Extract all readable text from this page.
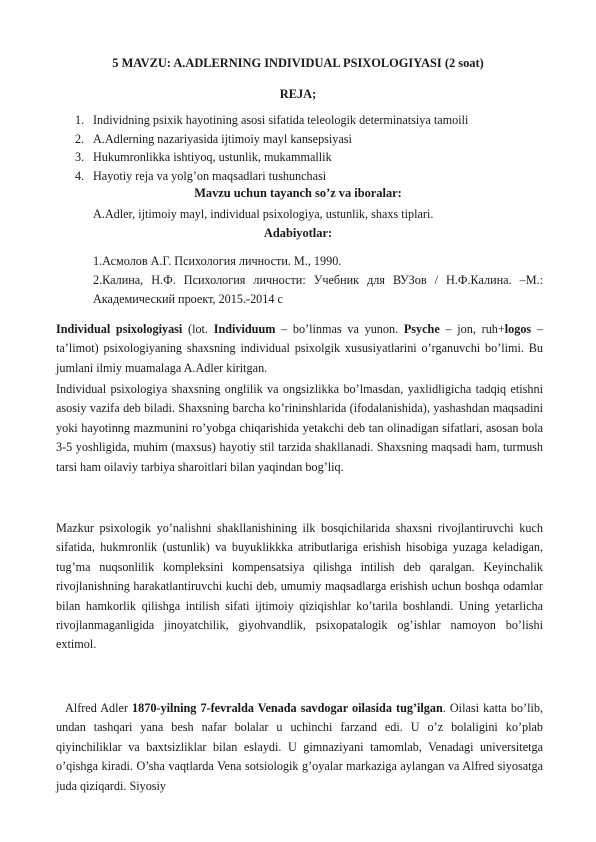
5 MAVZU: A.ADLERNING INDIVIDUAL PSIXOLOGIYASI (2 soat)
REJA;
1. Individning psixik hayotining asosi sifatida teleologik determinatsiya tamoili
2. A.Adlerning nazariyasida ijtimoiy mayl kansepsiyasi
3. Hukumronlikka ishtiyoq, ustunlik, mukammallik
4. Hayotiy reja va yolg’on maqsadlari tushunchasi
Mavzu uchun tayanch so’z va iboralar:
A.Adler, ijtimoiy mayl, individual psixologiya, ustunlik, shaxs tiplari.
Adabiyotlar:

1.Асмолов А.Г. Психология личности. М., 1990.

2.Калина, Н.Ф. Психология личности: Учебник для ВУЗов / Н.Ф.Калина. –М.: Академический проект, 2015.-2014 с

Individual psixologiyasi (lot. Individuum – bo’linmas va yunon. Psyche – jon, ruh+logos – ta’limot) psixologiyaning shaxsning individual psixolgik xususiyatlarini o’rganuvchi bo’limi. Bu jumlani ilmiy muamalaga A.Adler kiritgan.

Individual psixologiya shaxsning onglilik va ongsizlikka bo’lmasdan, yaxlidligicha tadqiq etishni asosiy vazifa deb biladi. Shaxsning barcha ko’rininshlarida (ifodalanishida), yashashdan maqsadini yoki hayotinng mazmunini ro’yobga chiqarishida yetakchi deb tan olinadigan sifatlari, asosan bola 3-5 yoshligida, muhim (maxsus) hayotiy stil tarzida shakllanadi. Shaxsning maqsadi ham, turmush tarsi ham oilaviy tarbiya sharoitlari bilan yaqindan bog’liq.

Mazkur psixologik yo’nalishni shakllanishining ilk bosqichilarida shaxsni rivojlantiruvchi kuch sifatida, hukmronlik (ustunlik) va buyuklikkka atributlariga erishish hisobiga yuzaga keladigan, tug’ma nuqsonlilik kompleksini kompensatsiya qilishga intilish deb qaralgan. Keyinchalik rivojlanishning harakatlantiruvchi kuchi deb, umumiy maqsadlarga erishish uchun boshqa odamlar bilan hamkorlik qilishga intilish sifati ijtimoiy qiziqishlar ko’tarila boshlandi. Uning yetarlicha rivojlanmaganligida jinoyatchilik, giyohvandlik, psixopatalogik og’ishlar namoyon bo’lishi extimol.

Alfred Adler 1870-yilning 7-fevralda Venada savdogar oilasida tug’ilgan. Oilasi katta bo’lib, undan tashqari yana besh nafar bolalar u uchinchi farzand edi. U o’z bolaligini ko’plab qiyinchiliklar va baxtsizliklar bilan eslaydi. U gimnaziyani tamomlab, Venadagi universitetga o’qishga kiradi. O’sha vaqtlarda Vena sotsiologik g’oyalar markaziga aylangan va Alfred siyosatga juda qiziqardi. Siyosiy
